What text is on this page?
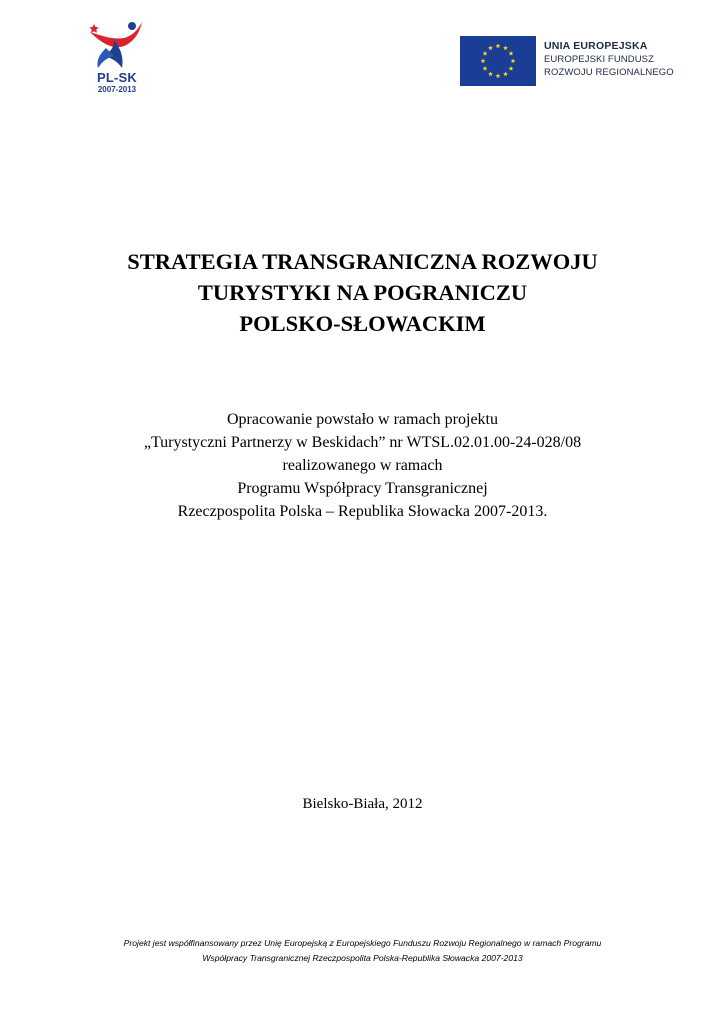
PL-SK
2007-2013
UNIA EUROPEJSKA
EUROPEJSKI FUNDUSZ
ROZWOJU REGIONALNEGO
STRATEGIA TRANSGRANICZNA ROZWOJU
TURYSTYKI NA POGRANICZU
POLSKO-SŁOWACKIM
Opracowanie powstało w ramach projektu
„Turystyczni Partnerzy w Beskidach” nr WTSL.02.01.00-24-028/08
realizowanego w ramach
Programu Współpracy Transgranicznej
Rzeczpospolita Polska – Republika Słowacka 2007-2013.
Bielsko-Biała, 2012
Projekt jest współfinansowany przez Unię Europejską z Europejskiego Funduszu Rozwoju Regionalnego w ramach Programu
Współpracy Transgranicznej Rzeczpospolita Polska-Republika Słowacka 2007-2013
